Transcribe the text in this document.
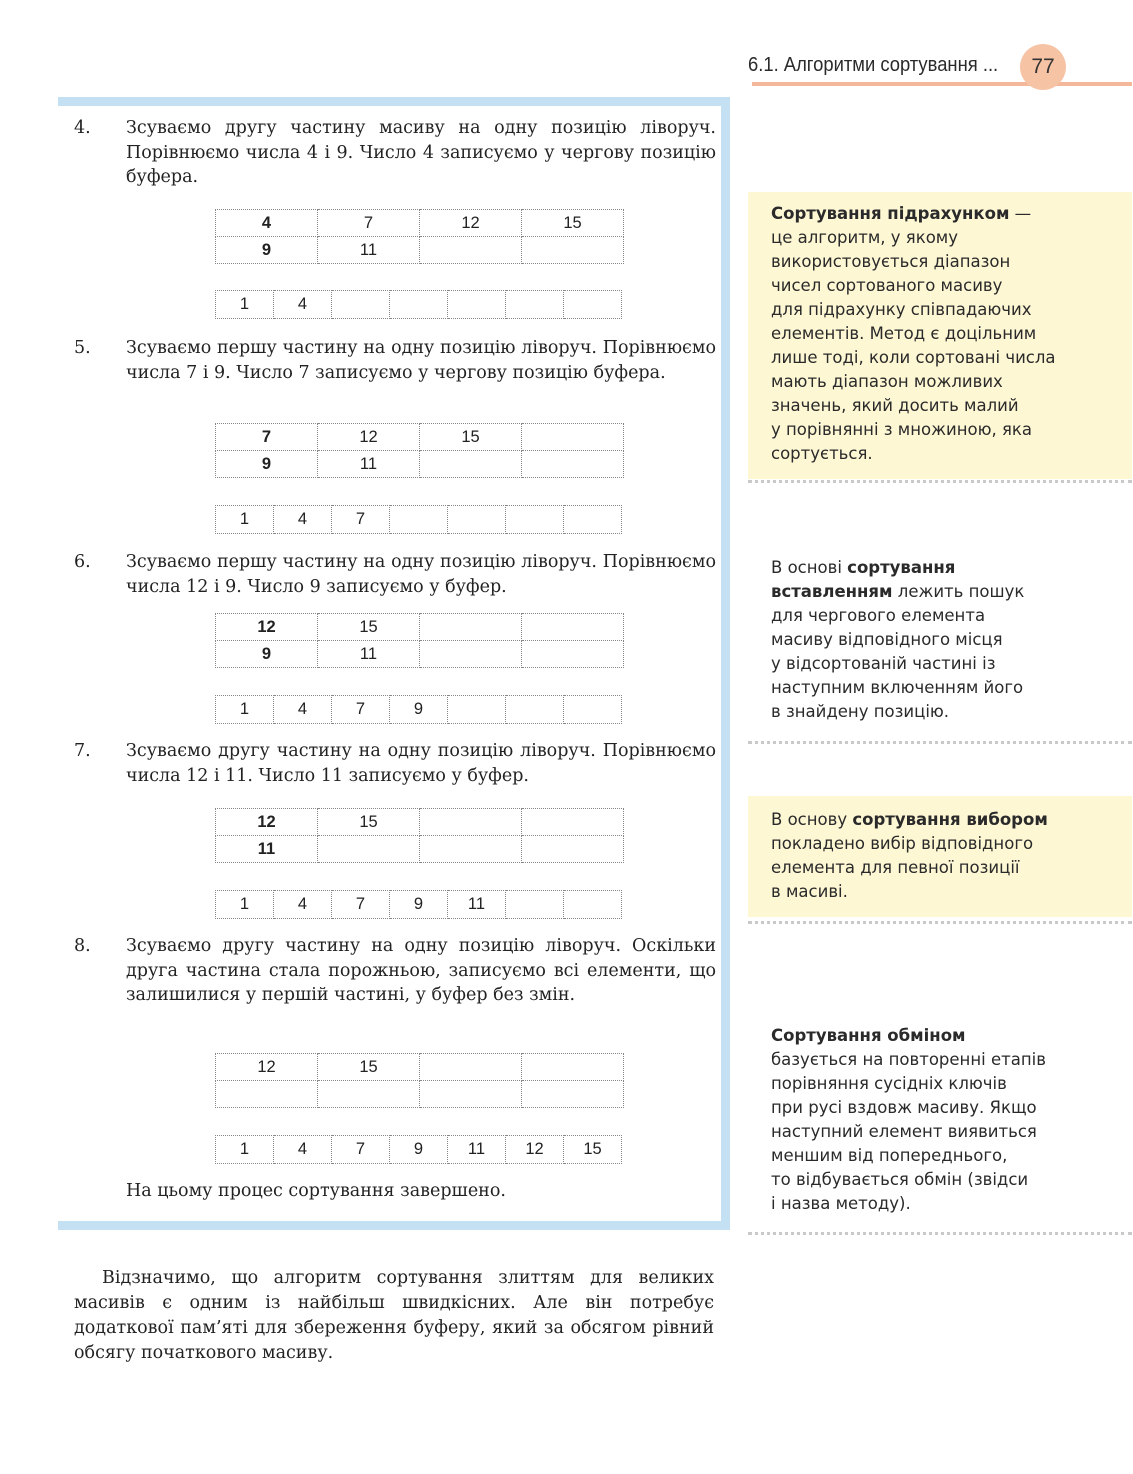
6.1. Алгоритми сортування ...	77
4. Зсуваємо другу частину масиву на одну позицію ліворуч. Порівнюємо числа 4 і 9. Число 4 записуємо у чергову позицію буфера.
4	7	12	15
9	11		
1	4					
5. Зсуваємо першу частину на одну позицію ліворуч. Порівнюємо числа 7 і 9. Число 7 записуємо у чергову позицію буфера.
7	12	15	
9	11		
1	4	7				
6. Зсуваємо першу частину на одну позицію ліворуч. Порівнюємо числа 12 і 9. Число 9 записуємо у буфер.
12	15		
9	11		
1	4	7	9			
7. Зсуваємо другу частину на одну позицію ліворуч. Порівнюємо числа 12 і 11. Число 11 записуємо у буфер.
12	15		
11			
1	4	7	9	11		
8. Зсуваємо другу частину на одну позицію ліворуч. Оскільки друга частина стала порожньою, записуємо всі елементи, що залишилися у першій частині, у буфер без змін.
12	15		

1	4	7	9	11	12	15
На цьому процес сортування завершено.
Відзначимо, що алгоритм сортування злиттям для великих масивів є одним із найбільш швидкісних. Але він потребує додаткової пам’яті для збереження буферу, який за обсягом рівний обсягу початкового масиву.
Сортування підрахунком —
це алгоритм, у якому
використовується діапазон
чисел сортованого масиву
для підрахунку співпадаючих
елементів. Метод є доцільним
лише тоді, коли сортовані числа
мають діапазон можливих
значень, який досить малий
у порівнянні з множиною, яка
сортується.
В основі сортування
вставленням лежить пошук
для чергового елемента
масиву відповідного місця
у відсортованій частині із
наступним включенням його
в знайдену позицію.
В основу сортування вибором
покладено вибір відповідного
елемента для певної позиції
в масиві.
Сортування обміном
базується на повторенні етапів
порівняння сусідніх ключів
при русі вздовж масиву. Якщо
наступний елемент виявиться
меншим від попереднього,
то відбувається обмін (звідси
і назва методу).
